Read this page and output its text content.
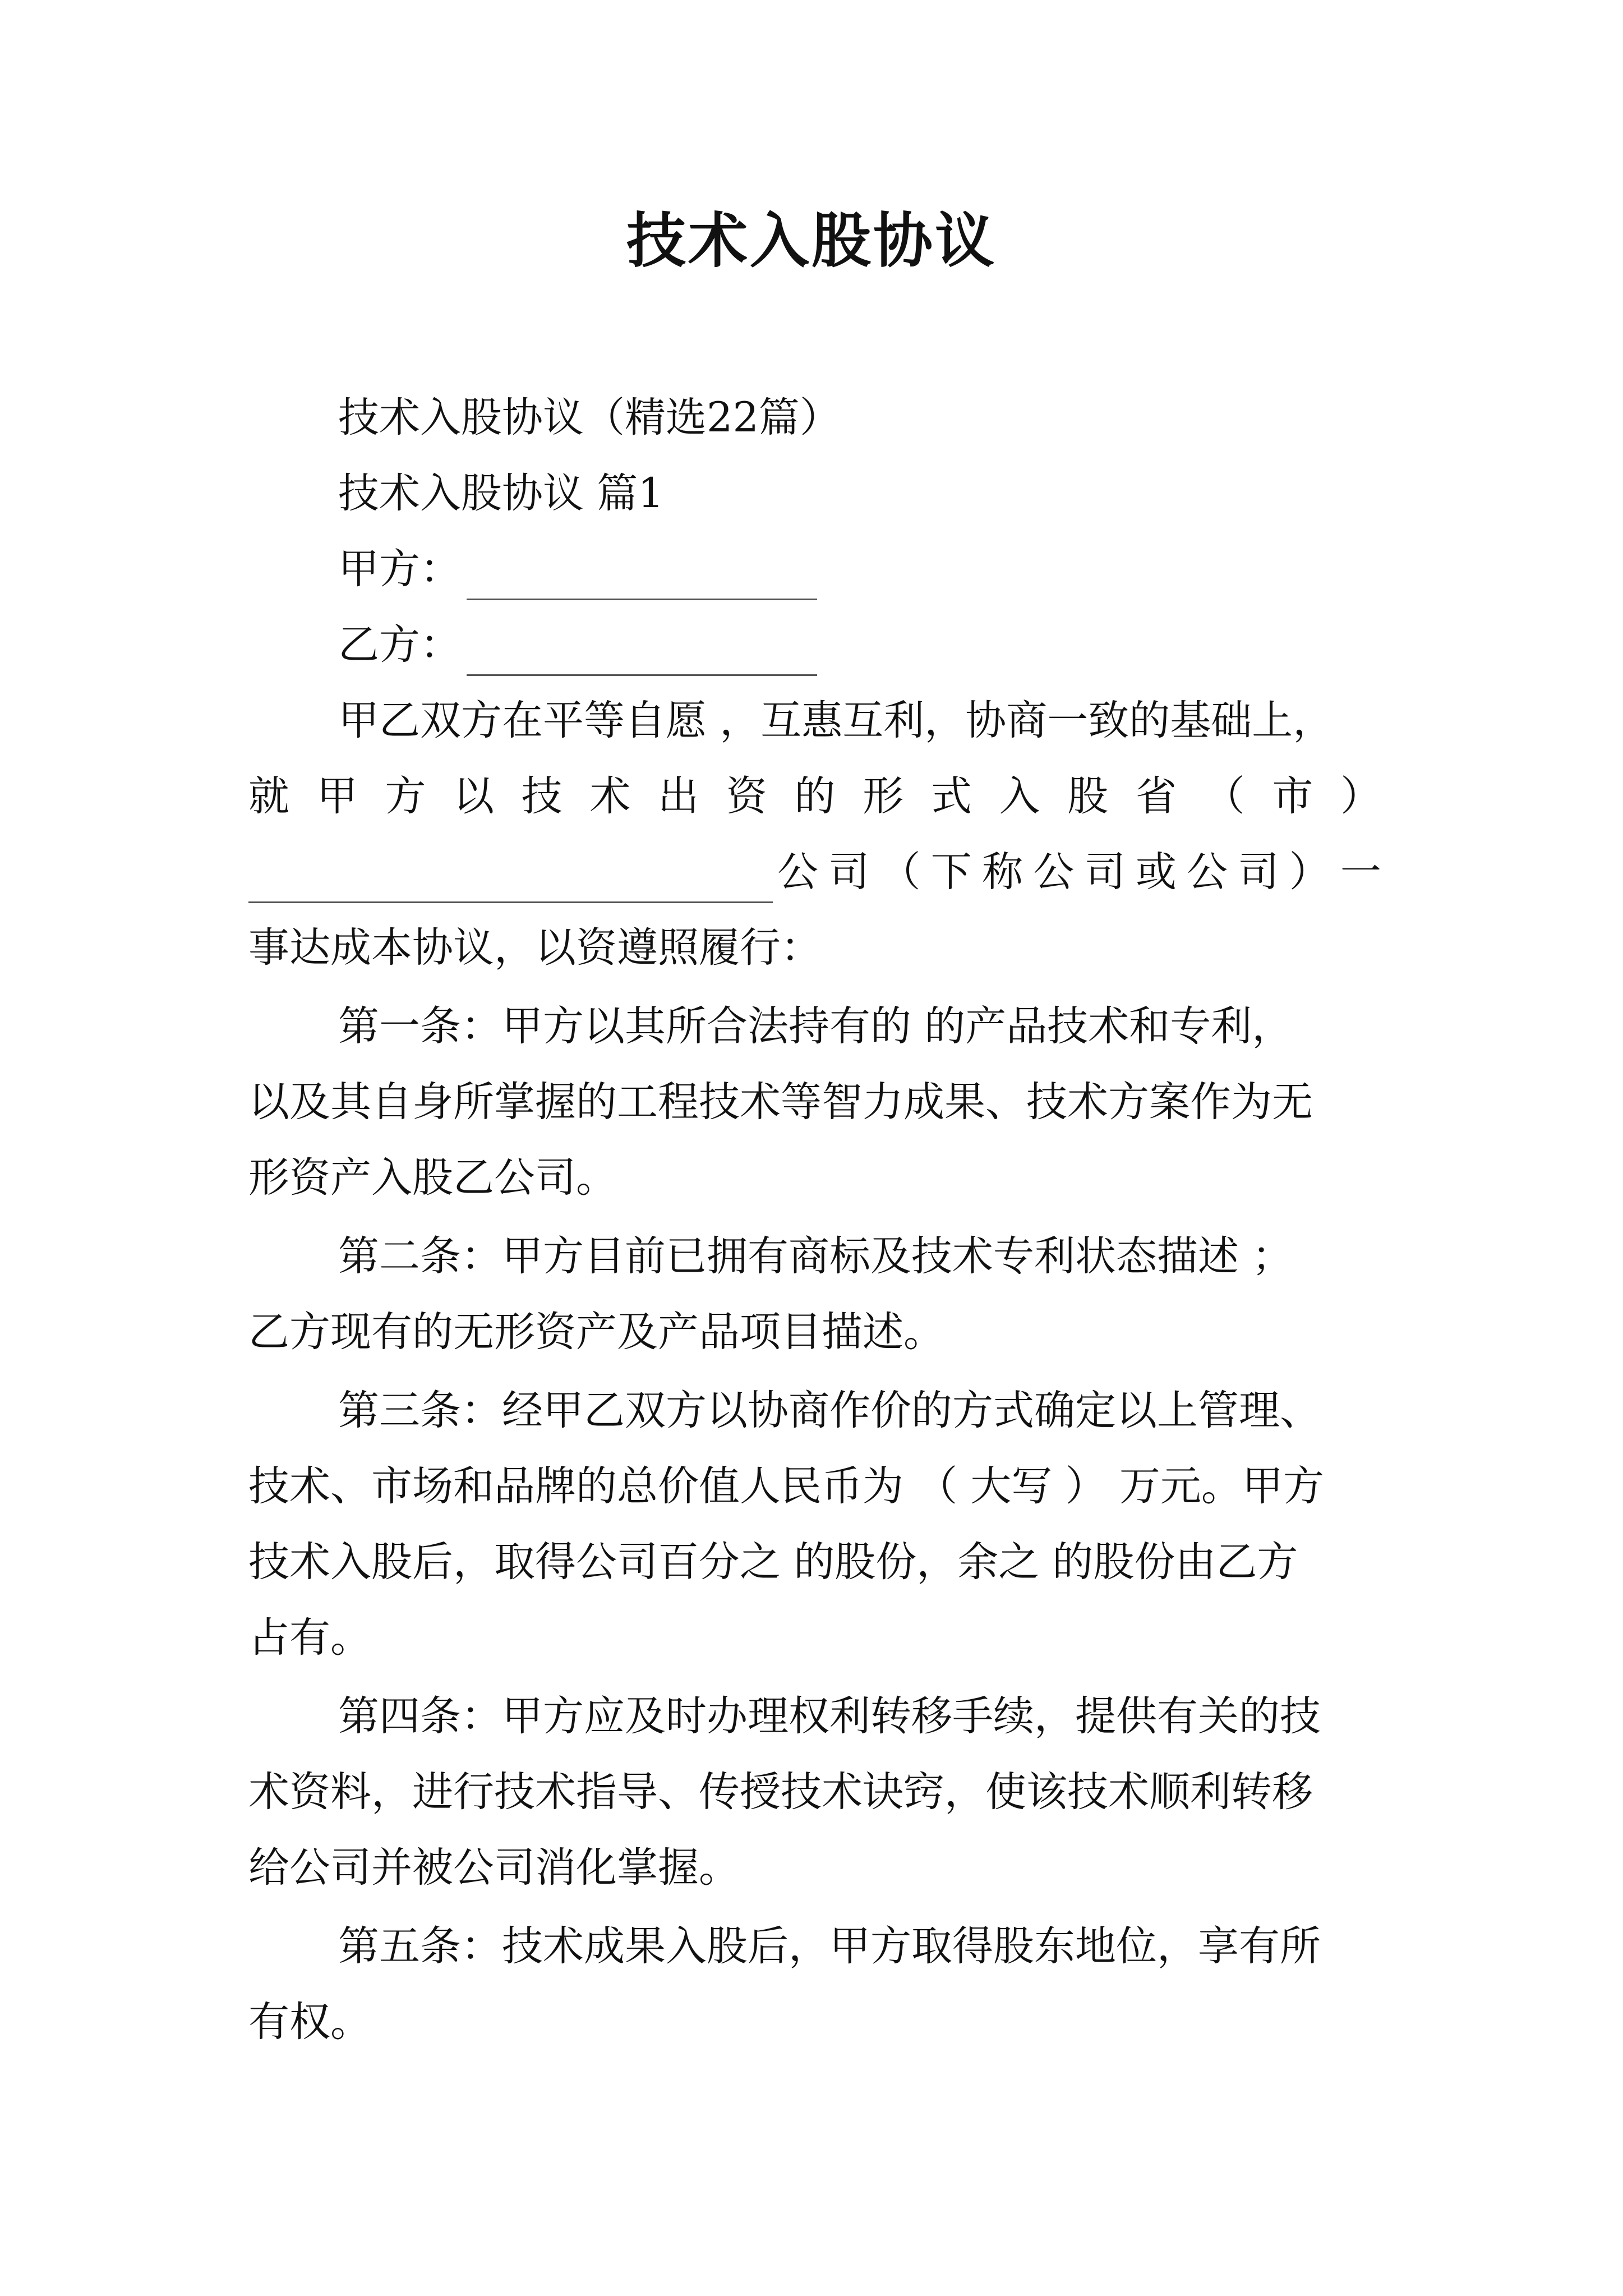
技术入股协议
技术入股协议（精选22篇）
技术入股协议 篇1
甲方：
乙方：
甲乙双方在平等自愿 ，互惠互利，协商一致的基础上，
就 甲 方 以 技 术 出 资 的 形 式 入 股 省 （ 市 ）
公 司 （ 下 称 公 司 或 公 司 ） 一
事达成本协议，以资遵照履行：
第一条：甲方以其所合法持有的 的产品技术和专利，
以及其自身所掌握的工程技术等智力成果、技术方案作为无
形资产入股乙公司。
第二条：甲方目前已拥有商标及技术专利状态描述 ；
乙方现有的无形资产及产品项目描述。
第三条：经甲乙双方以协商作价的方式确定以上管理、
技术、市场和品牌的总价值人民币为 （ 大写 ） 万元。甲方
技术入股后，取得公司百分之 的股份，余之 的股份由乙方
占有。
第四条：甲方应及时办理权利转移手续，提供有关的技
术资料，进行技术指导、传授技术诀窍，使该技术顺利转移
给公司并被公司消化掌握。
第五条：技术成果入股后，甲方取得股东地位，享有所
有权。
